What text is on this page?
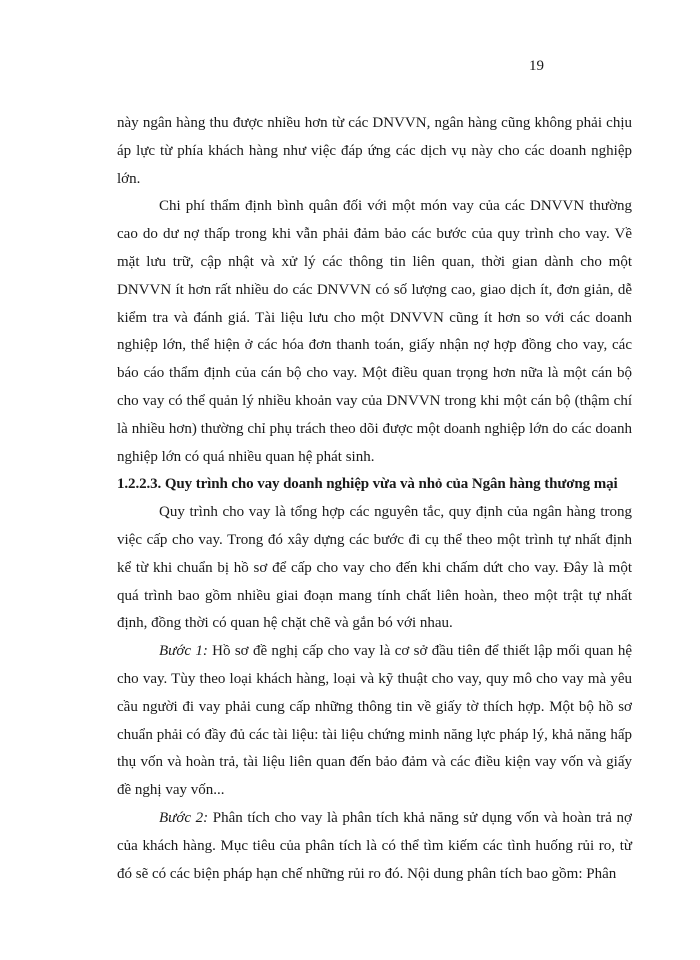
19

này ngân hàng thu được nhiều hơn từ các DNVVN, ngân hàng cũng không phải chịu áp lực từ phía khách hàng như việc đáp ứng các dịch vụ này cho các doanh nghiệp lớn.

Chi phí thẩm định bình quân đối với một món vay của các DNVVN thường cao do dư nợ thấp trong khi vẫn phải đảm bảo các bước của quy trình cho vay. Về mặt lưu trữ, cập nhật và xử lý các thông tin liên quan, thời gian dành cho một DNVVN ít hơn rất nhiều do các DNVVN có số lượng cao, giao dịch ít, đơn giản, dễ kiểm tra và đánh giá. Tài liệu lưu cho một DNVVN cũng ít hơn so với các doanh nghiệp lớn, thể hiện ở các hóa đơn thanh toán, giấy nhận nợ hợp đồng cho vay, các báo cáo thẩm định của cán bộ cho vay. Một điều quan trọng hơn nữa là một cán bộ cho vay có thể quản lý nhiều khoản vay của DNVVN trong khi một cán bộ (thậm chí là nhiều hơn) thường chỉ phụ trách theo dõi được một doanh nghiệp lớn do các doanh nghiệp lớn có quá nhiều quan hệ phát sinh.

1.2.2.3. Quy trình cho vay doanh nghiệp vừa và nhỏ của Ngân hàng thương mại

Quy trình cho vay là tổng hợp các nguyên tắc, quy định của ngân hàng trong việc cấp cho vay. Trong đó xây dựng các bước đi cụ thể theo một trình tự nhất định kể từ khi chuẩn bị hồ sơ để cấp cho vay cho đến khi chấm dứt cho vay. Đây là một quá trình bao gồm nhiều giai đoạn mang tính chất liên hoàn, theo một trật tự nhất định, đồng thời có quan hệ chặt chẽ và gắn bó với nhau.

Bước 1: Hồ sơ đề nghị cấp cho vay là cơ sở đầu tiên để thiết lập mối quan hệ cho vay. Tùy theo loại khách hàng, loại và kỹ thuật cho vay, quy mô cho vay mà yêu cầu người đi vay phải cung cấp những thông tin về giấy tờ thích hợp. Một bộ hồ sơ chuẩn phải có đầy đủ các tài liệu: tài liệu chứng minh năng lực pháp lý, khả năng hấp thụ vốn và hoàn trả, tài liệu liên quan đến bảo đảm và các điều kiện vay vốn và giấy đề nghị vay vốn...

Bước 2: Phân tích cho vay là phân tích khả năng sử dụng vốn và hoàn trả nợ của khách hàng. Mục tiêu của phân tích là có thể tìm kiếm các tình huống rủi ro, từ đó sẽ có các biện pháp hạn chế những rủi ro đó. Nội dung phân tích bao gồm: Phân
